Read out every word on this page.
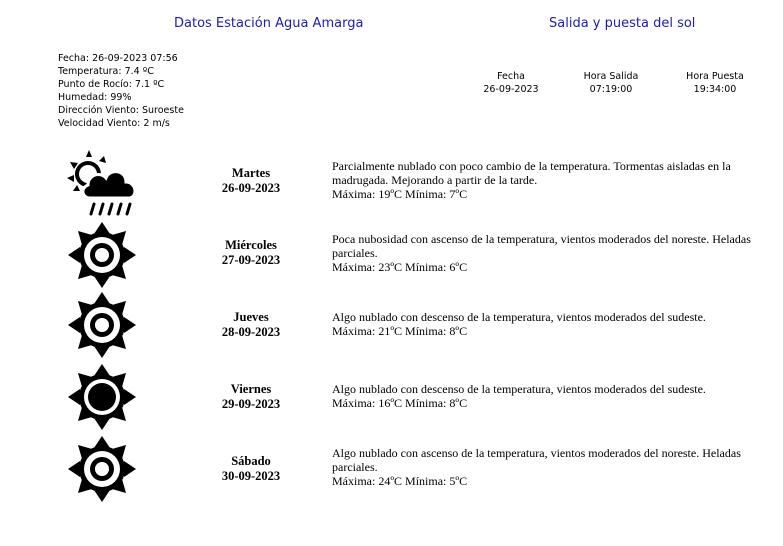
Datos Estación Agua Amarga	Salida y puesta del sol
Fecha: 26-09-2023 07:56
Temperatura: 7.4 ºC
Punto de Rocío: 7.1 ºC
Humedad: 99%
Dirección Viento: Suroeste
Velocidad Viento: 2 m/s
Fecha
26-09-2023
Hora Salida
07:19:00
Hora Puesta
19:34:00
Martes
26-09-2023
Parcialmente nublado con poco cambio de la temperatura. Tormentas aisladas en la madrugada. Mejorando a partir de la tarde.
Máxima: 19ºC Mínima: 7ºC
Miércoles
27-09-2023
Poca nubosidad con ascenso de la temperatura, vientos moderados del noreste. Heladas parciales.
Máxima: 23ºC Mínima: 6ºC
Jueves
28-09-2023
Algo nublado con descenso de la temperatura, vientos moderados del sudeste.
Máxima: 21ºC Mínima: 8ºC
Viernes
29-09-2023
Algo nublado con descenso de la temperatura, vientos moderados del sudeste.
Máxima: 16ºC Mínima: 8ºC
Sábado
30-09-2023
Algo nublado con ascenso de la temperatura, vientos moderados del noreste. Heladas parciales.
Máxima: 24ºC Mínima: 5ºC
